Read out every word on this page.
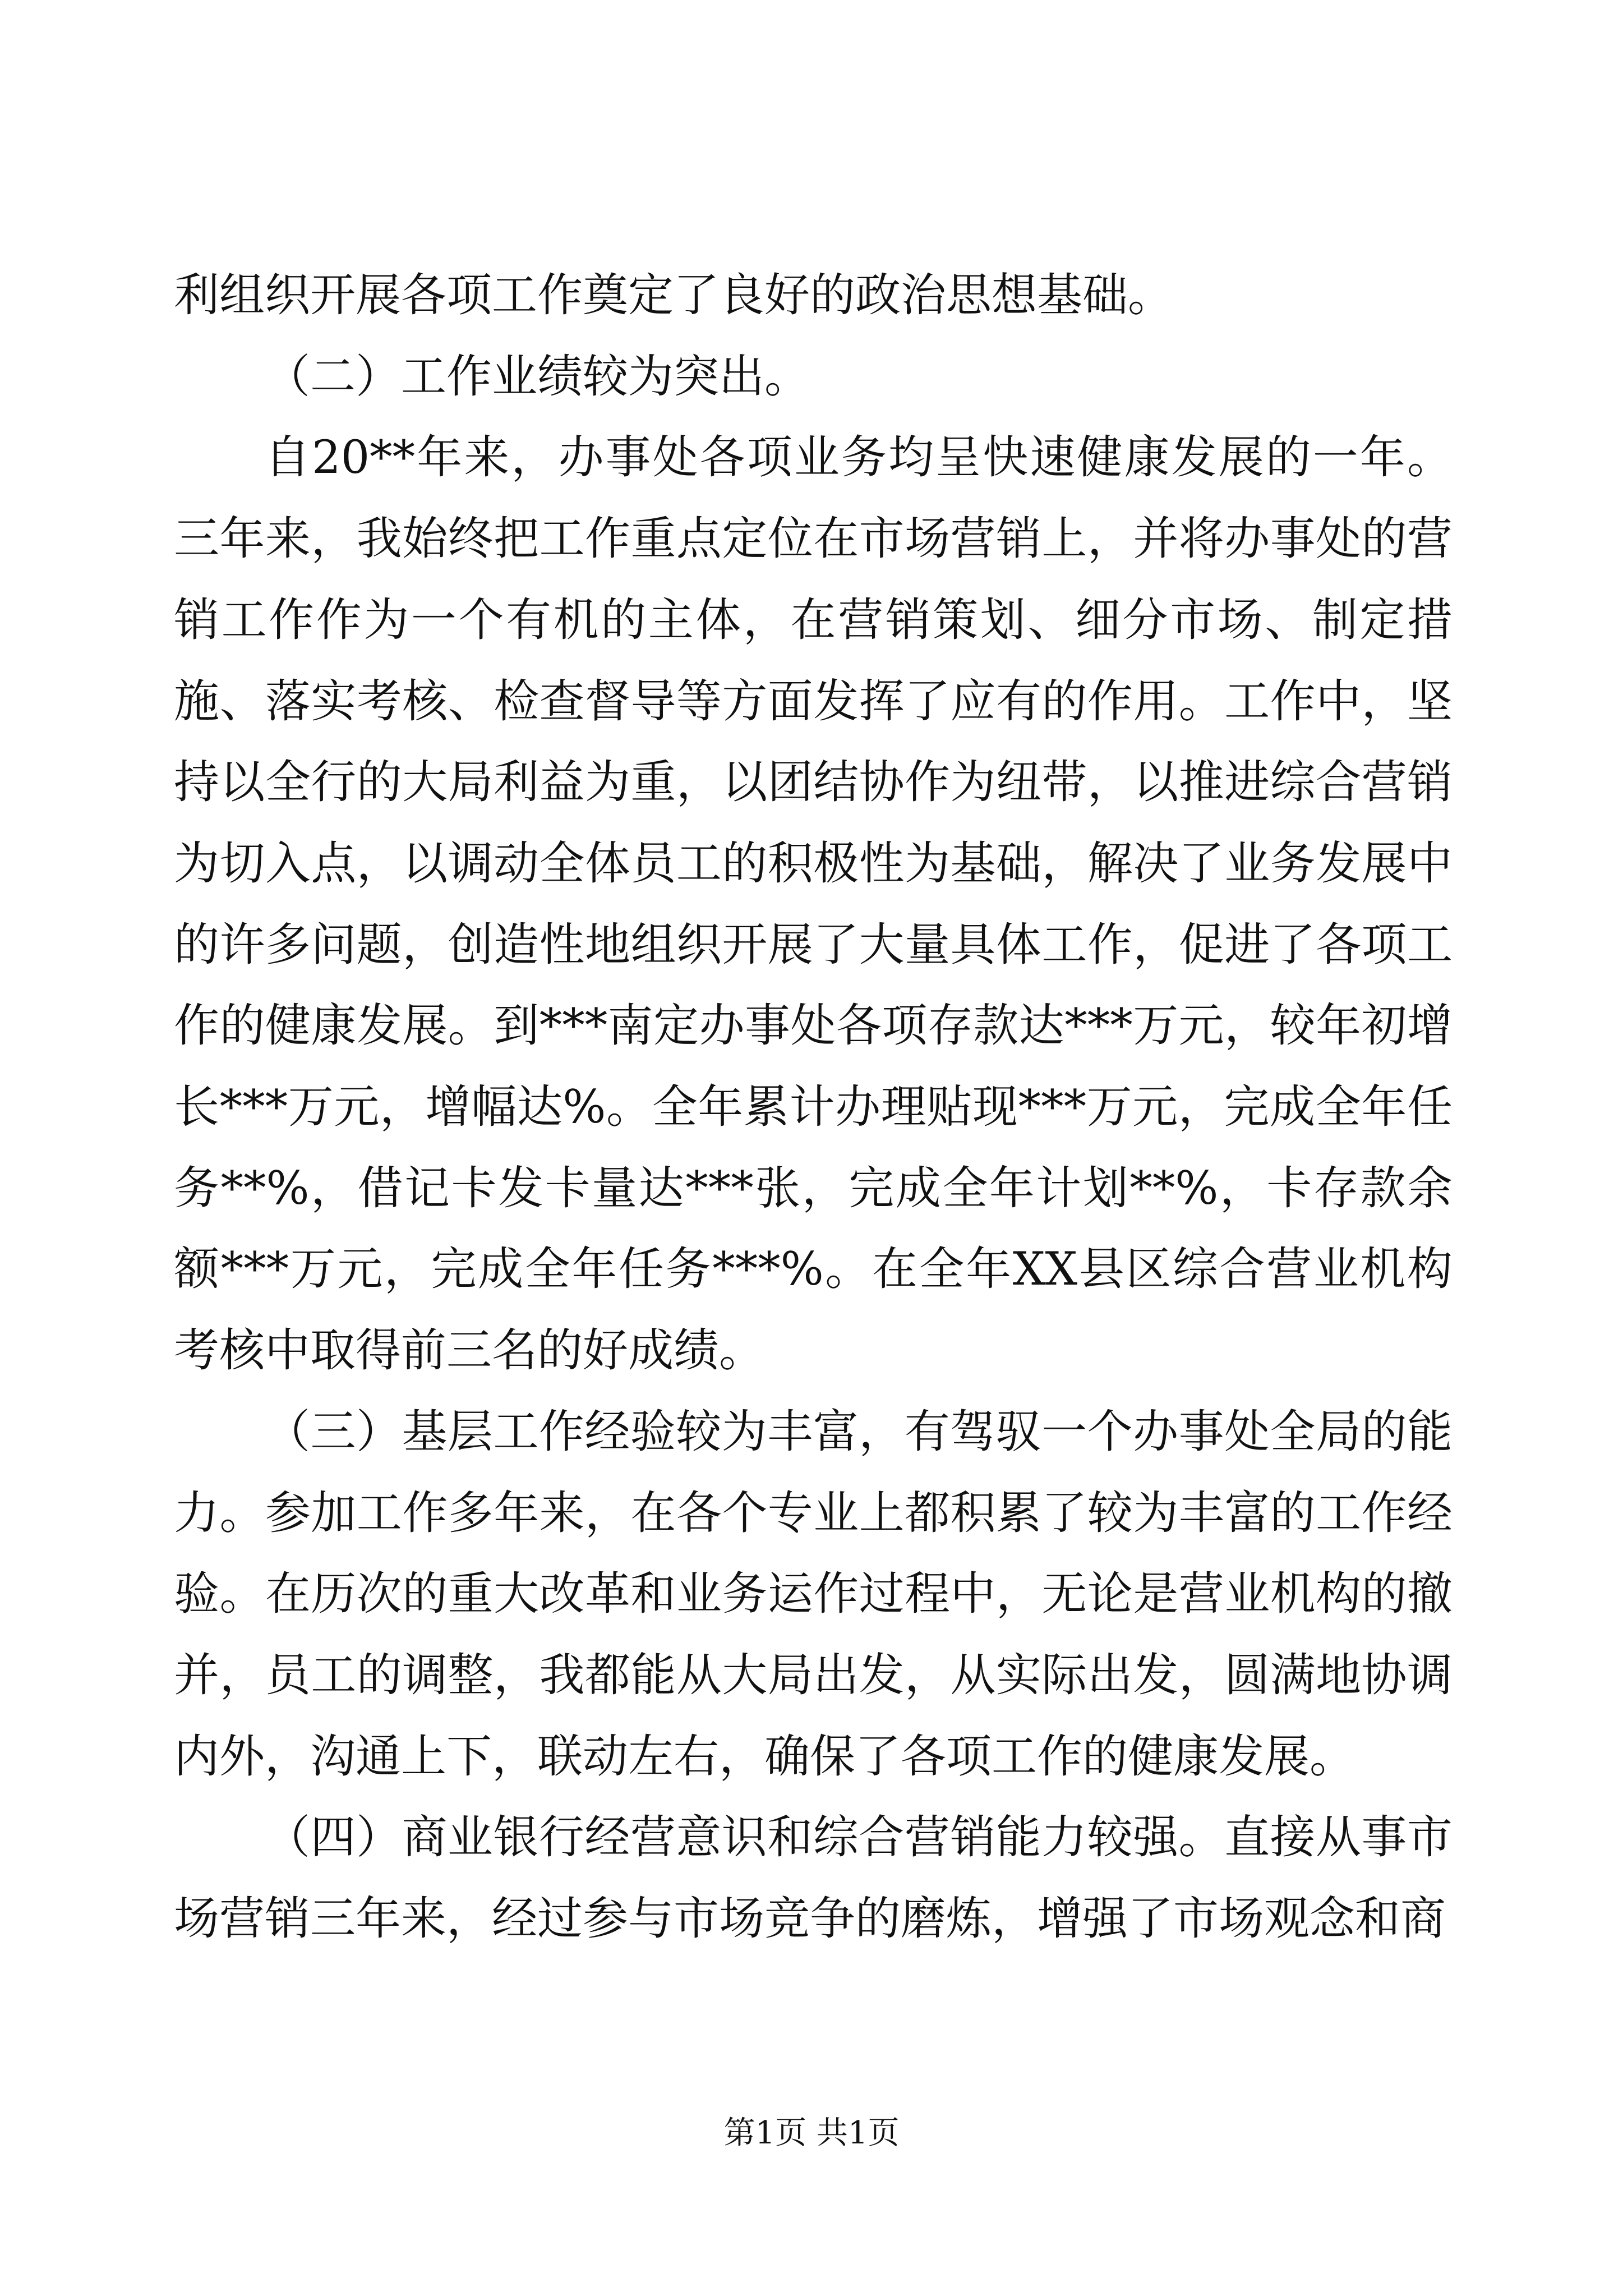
利组织开展各项工作奠定了良好的政治思想基础。

（二）工作业绩较为突出。

自20**年来，办事处各项业务均呈快速健康发展的一年。三年来，我始终把工作重点定位在市场营销上，并将办事处的营销工作作为一个有机的主体，在营销策划、细分市场、制定措施、落实考核、检查督导等方面发挥了应有的作用。工作中，坚持以全行的大局利益为重，以团结协作为纽带，以推进综合营销为切入点，以调动全体员工的积极性为基础，解决了业务发展中的许多问题，创造性地组织开展了大量具体工作，促进了各项工作的健康发展。到***南定办事处各项存款达***万元，较年初增长***万元，增幅达%。全年累计办理贴现***万元，完成全年任务**%，借记卡发卡量达***张，完成全年计划**%，卡存款余额***万元，完成全年任务***%。在全年XX县区综合营业机构考核中取得前三名的好成绩。

（三）基层工作经验较为丰富，有驾驭一个办事处全局的能力。参加工作多年来，在各个专业上都积累了较为丰富的工作经验。在历次的重大改革和业务运作过程中，无论是营业机构的撤并，员工的调整，我都能从大局出发，从实际出发，圆满地协调内外，沟通上下，联动左右，确保了各项工作的健康发展。

（四）商业银行经营意识和综合营销能力较强。直接从事市场营销三年来，经过参与市场竞争的磨炼，增强了市场观念和商

第1页 共1页
